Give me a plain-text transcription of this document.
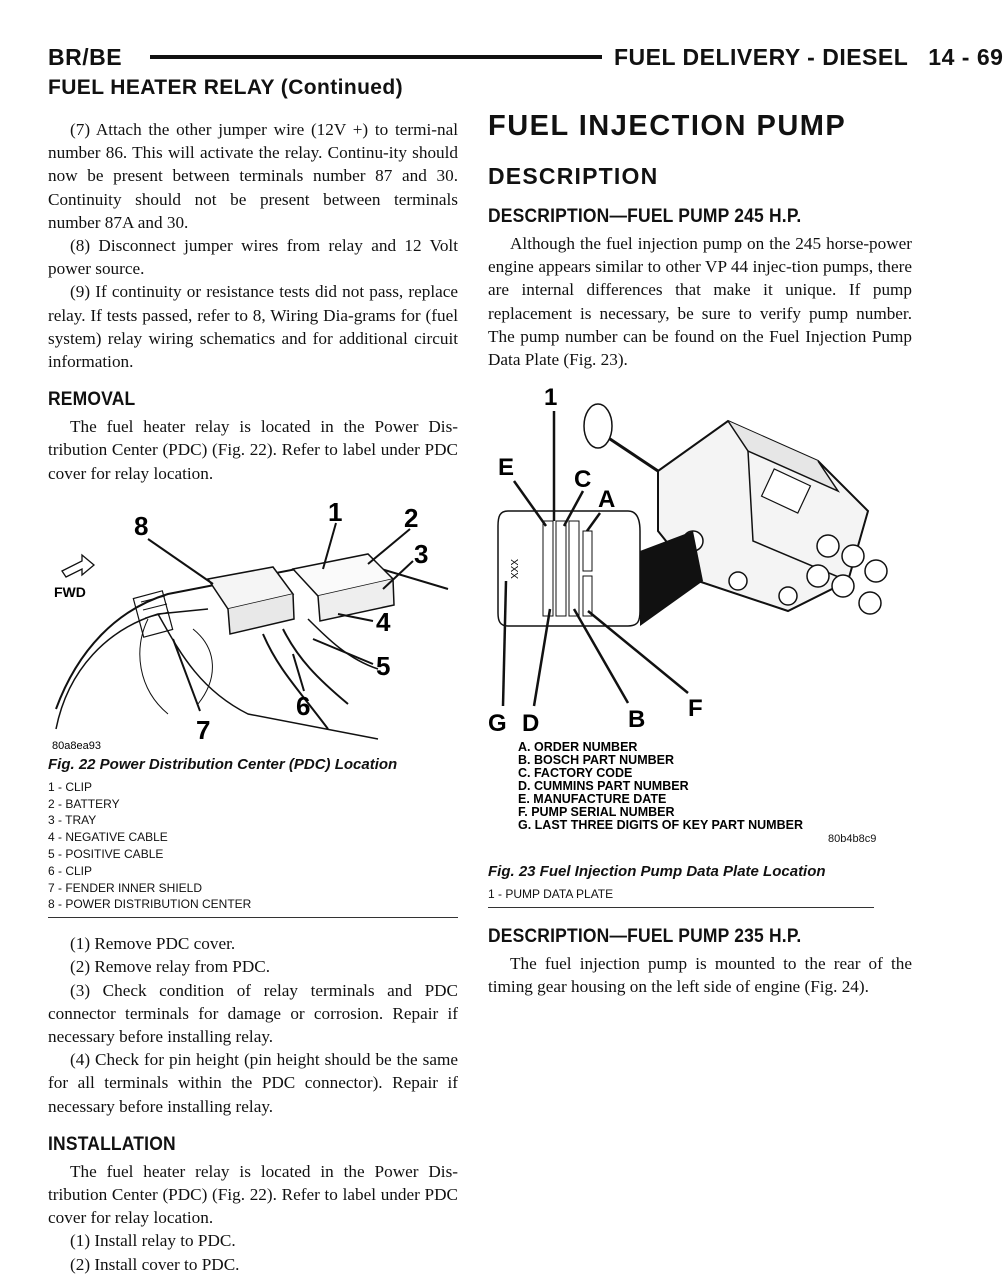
BR/BE	FUEL DELIVERY - DIESEL 14 - 69
FUEL HEATER RELAY (Continued)

(7) Attach the other jumper wire (12V +) to termi-nal number 86. This will activate the relay. Continu-ity should now be present between terminals number 87 and 30. Continuity should not be present between terminals number 87A and 30.

(8) Disconnect jumper wires from relay and 12 Volt power source.

(9) If continuity or resistance tests did not pass, replace relay. If tests passed, refer to 8, Wiring Dia-grams for (fuel system) relay wiring schematics and for additional circuit information.

REMOVAL

The fuel heater relay is located in the Power Dis-tribution Center (PDC) (Fig. 22). Refer to label under PDC cover for relay location.

FWD
8	1 2
3
4
5
6
7
80a8ea93

Fig. 22 Power Distribution Center (PDC) Location

1 - CLIP
2 - BATTERY
3 - TRAY
4 - NEGATIVE CABLE
5 - POSITIVE CABLE
6 - CLIP
7 - FENDER INNER SHIELD
8 - POWER DISTRIBUTION CENTER

(1) Remove PDC cover.

(2) Remove relay from PDC.

(3) Check condition of relay terminals and PDC connector terminals for damage or corrosion. Repair if necessary before installing relay.

(4) Check for pin height (pin height should be the same for all terminals within the PDC connector). Repair if necessary before installing relay.

INSTALLATION

The fuel heater relay is located in the Power Dis-tribution Center (PDC) (Fig. 22). Refer to label under PDC cover for relay location.

(1) Install relay to PDC.

(2) Install cover to PDC.

FUEL INJECTION PUMP
DESCRIPTION
DESCRIPTION—FUEL PUMP 245 H.P.

Although the fuel injection pump on the 245 horse-power engine appears similar to other VP 44 injec-tion pumps, there are internal differences that make it unique. If pump replacement is necessary, be sure to verify pump number. The pump number can be found on the Fuel Injection Pump Data Plate (Fig. 23).

XXX
1
E C
A
G D	B F
A. ORDER NUMBER
B. BOSCH PART NUMBER
C. FACTORY CODE
D. CUMMINS PART NUMBER
E. MANUFACTURE DATE
F. PUMP SERIAL NUMBER
G. LAST THREE DIGITS OF KEY PART NUMBER
80b4b8c9

Fig. 23 Fuel Injection Pump Data Plate Location

1 - PUMP DATA PLATE
DESCRIPTION—FUEL PUMP 235 H.P.

The fuel injection pump is mounted to the rear of the timing gear housing on the left side of engine (Fig. 24).
